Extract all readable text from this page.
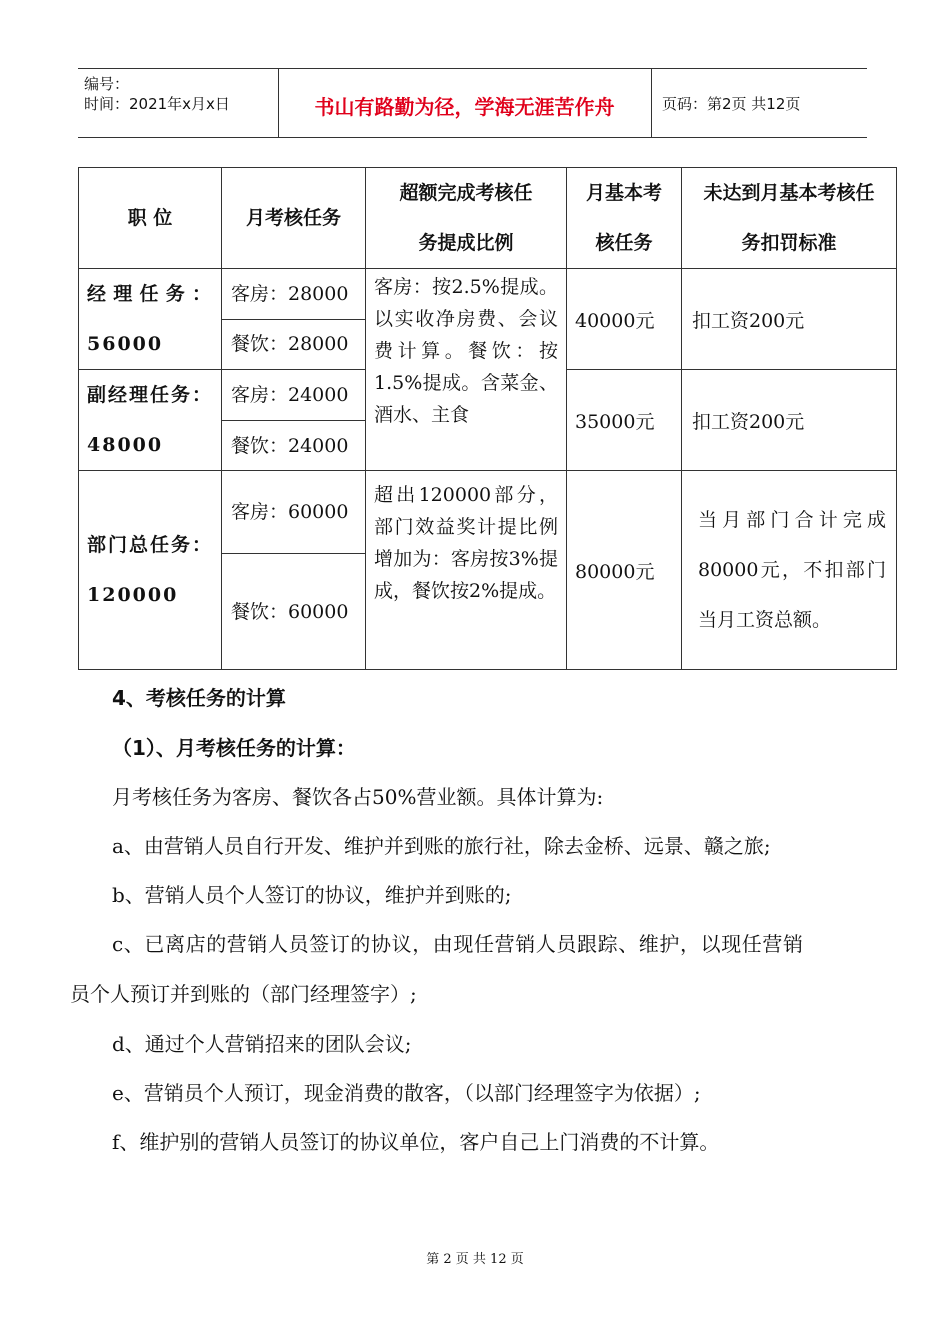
编号：
时间：2021年x月x日	书山有路勤为径，学海无涯苦作舟	页码：第2页 共12页
职 位	月考核任务	超额完成考核任务提成比例	月基本考核任务	未达到月基本考核任务扣罚标准
经理任务：56000	客房：28000	客房：按2.5%提成。以实收净房费、会议费计算。餐饮：按1.5%提成。含菜金、酒水、主食	40000元	扣工资200元
	餐饮：28000			
副经理任务：48000	客房：24000		35000元	扣工资200元
	餐饮：24000			
部门总任务：120000	客房：60000	超出120000部分，部门效益奖计提比例增加为：客房按3%提成，餐饮按2%提成。	80000元	当月部门合计完成80000元，不扣部门当月工资总额。
	餐饮：60000			
4、考核任务的计算
（1）、月考核任务的计算：
月考核任务为客房、餐饮各占50%营业额。具体计算为:
a、由营销人员自行开发、维护并到账的旅行社，除去金桥、远景、赣之旅;
b、营销人员个人签订的协议，维护并到账的;
c、已离店的营销人员签订的协议，由现任营销人员跟踪、维护，以现任营销
员个人预订并到账的（部门经理签字）;
d、通过个人营销招来的团队会议;
e、营销员个人预订，现金消费的散客，（以部门经理签字为依据）;
f、维护别的营销人员签订的协议单位，客户自己上门消费的不计算。
第 2 页 共 12 页
